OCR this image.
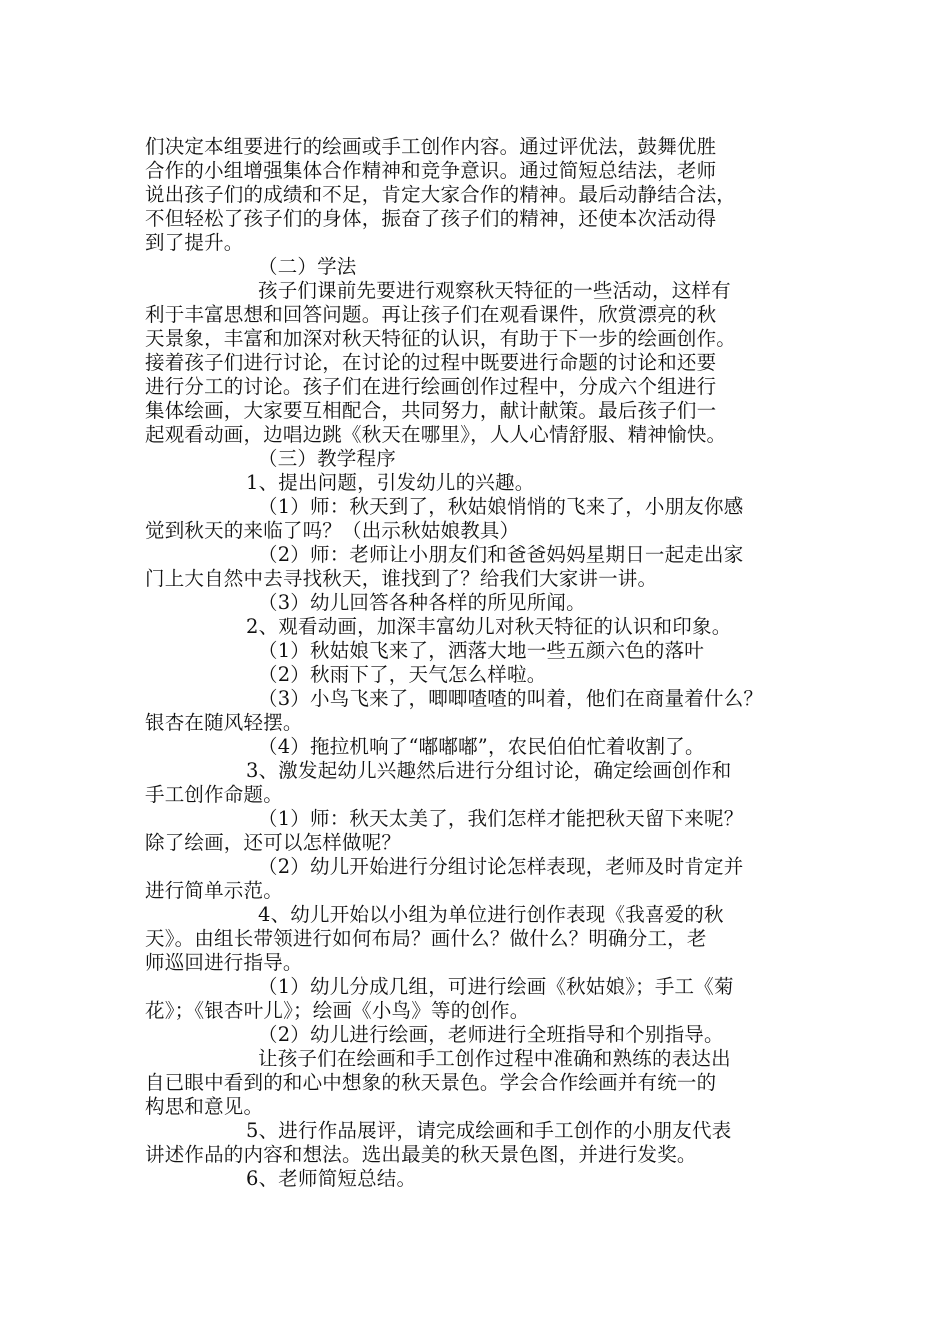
们决定本组要进行的绘画或手工创作内容。通过评优法，鼓舞优胜
合作的小组增强集体合作精神和竞争意识。通过简短总结法，老师
说出孩子们的成绩和不足，肯定大家合作的精神。最后动静结合法，
不但轻松了孩子们的身体，振奋了孩子们的精神，还使本次活动得
到了提升。
（二）学法
孩子们课前先要进行观察秋天特征的一些活动，这样有
利于丰富思想和回答问题。再让孩子们在观看课件，欣赏漂亮的秋
天景象，丰富和加深对秋天特征的认识，有助于下一步的绘画创作。
接着孩子们进行讨论，在讨论的过程中既要进行命题的讨论和还要
进行分工的讨论。孩子们在进行绘画创作过程中，分成六个组进行
集体绘画，大家要互相配合，共同努力，献计献策。最后孩子们一
起观看动画，边唱边跳《秋天在哪里》，人人心情舒服、精神愉快。
（三）教学程序
1、提出问题，引发幼儿的兴趣。
（1）师：秋天到了，秋姑娘悄悄的飞来了，小朋友你感
觉到秋天的来临了吗？（出示秋姑娘教具）
（2）师：老师让小朋友们和爸爸妈妈星期日一起走出家
门上大自然中去寻找秋天，谁找到了？给我们大家讲一讲。
（3）幼儿回答各种各样的所见所闻。
2、观看动画，加深丰富幼儿对秋天特征的认识和印象。
（1）秋姑娘飞来了，洒落大地一些五颜六色的落叶
（2）秋雨下了，天气怎么样啦。
（3）小鸟飞来了，唧唧喳喳的叫着，他们在商量着什么？
银杏在随风轻摆。
（4）拖拉机响了“嘟嘟嘟”，农民伯伯忙着收割了。
3、激发起幼儿兴趣然后进行分组讨论，确定绘画创作和
手工创作命题。
（1）师：秋天太美了，我们怎样才能把秋天留下来呢？
除了绘画，还可以怎样做呢？
（2）幼儿开始进行分组讨论怎样表现，老师及时肯定并
进行简单示范。
4、幼儿开始以小组为单位进行创作表现《我喜爱的秋
天》。由组长带领进行如何布局？画什么？做什么？明确分工，老
师巡回进行指导。
（1）幼儿分成几组，可进行绘画《秋姑娘》；手工《菊
花》；《银杏叶儿》；绘画《小鸟》等的创作。
（2）幼儿进行绘画，老师进行全班指导和个别指导。
让孩子们在绘画和手工创作过程中准确和熟练的表达出
自已眼中看到的和心中想象的秋天景色。学会合作绘画并有统一的
构思和意见。
5、进行作品展评，请完成绘画和手工创作的小朋友代表
讲述作品的内容和想法。选出最美的秋天景色图，并进行发奖。
6、老师简短总结。
